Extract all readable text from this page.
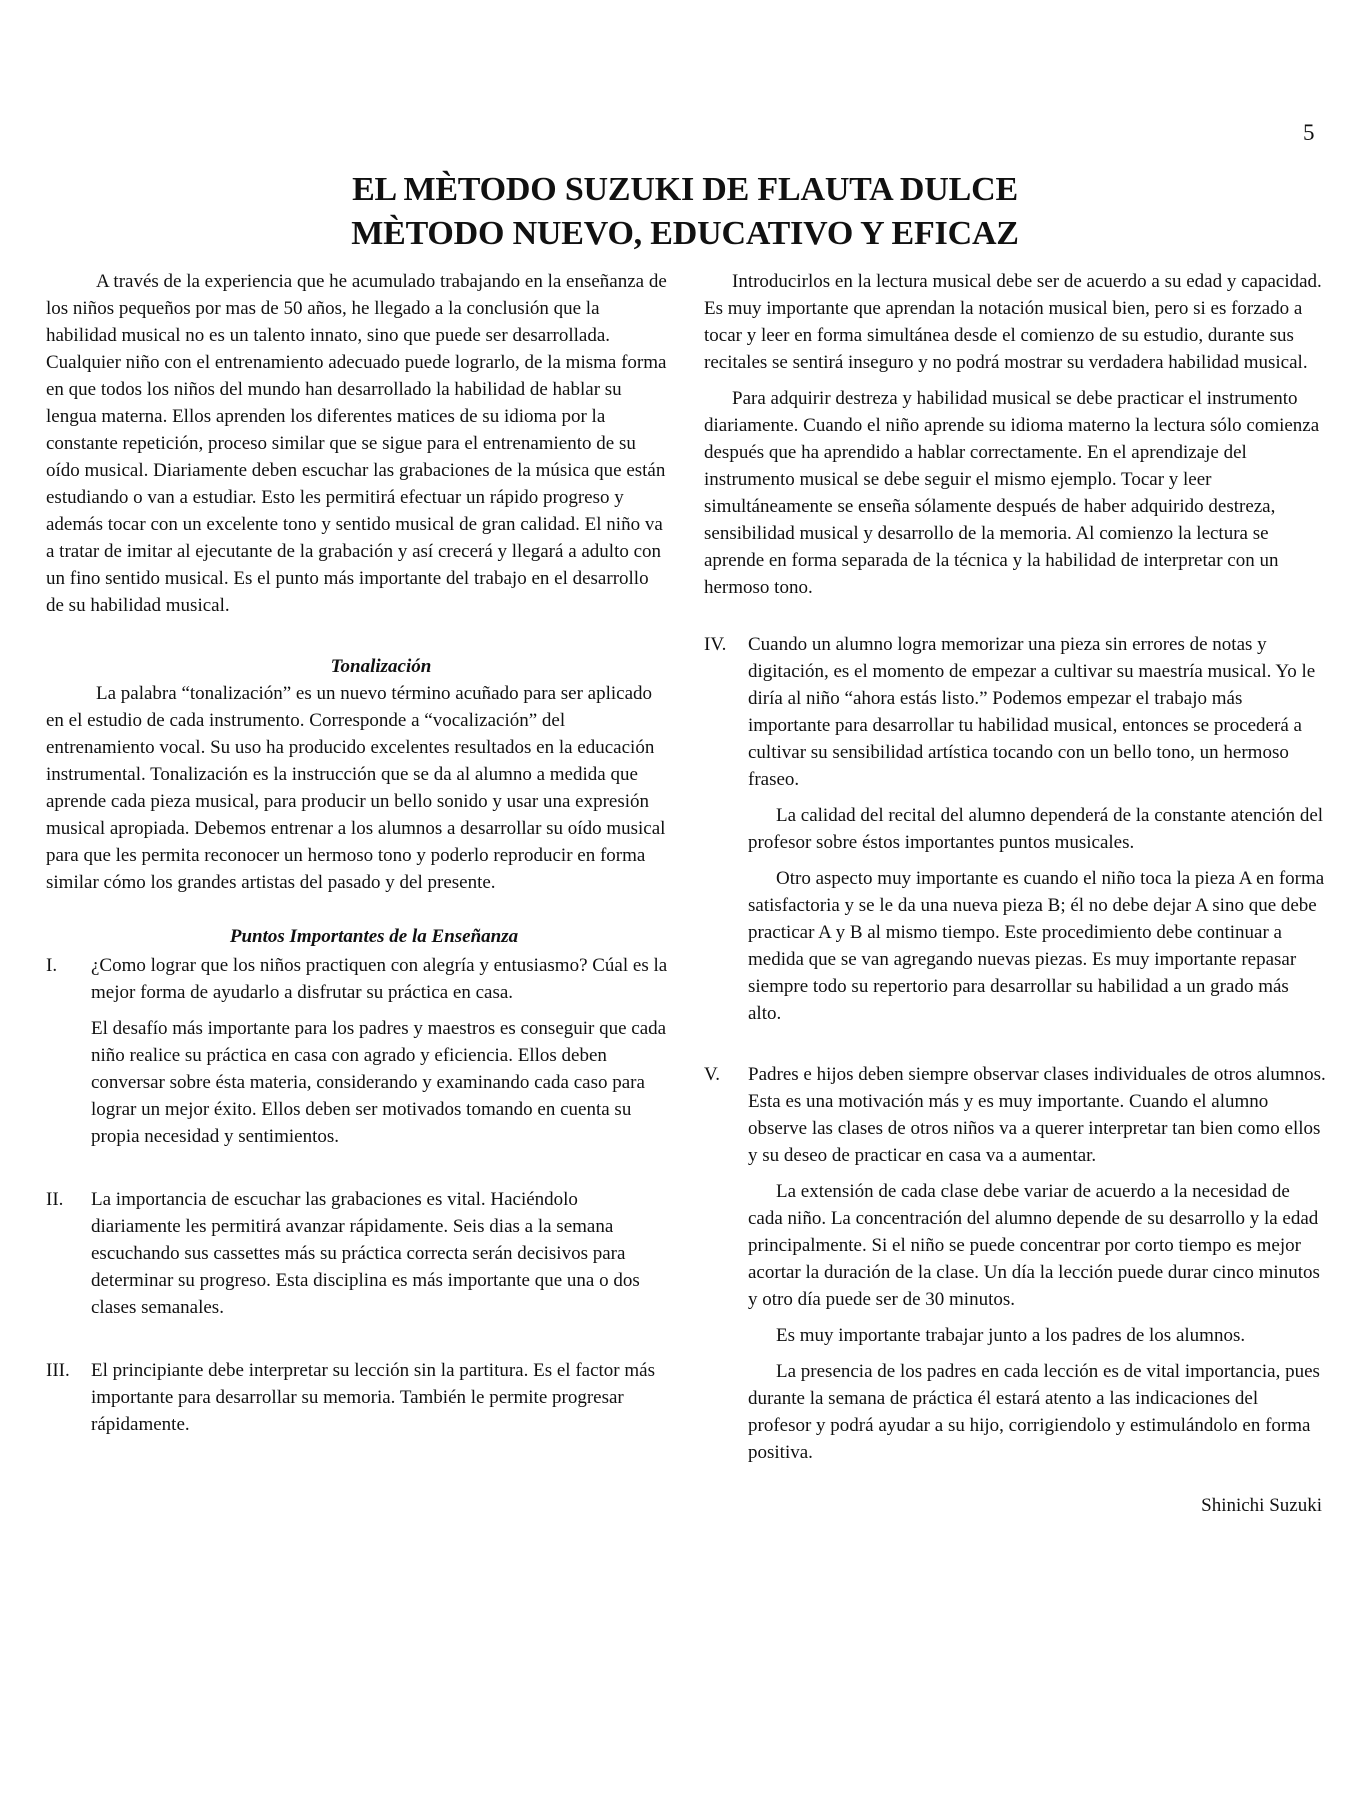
5
EL MÈTODO SUZUKI DE FLAUTA DULCE
MÈTODO NUEVO, EDUCATIVO Y EFICAZ

A través de la experiencia que he acumulado trabajando en la enseñanza de los niños pequeños por mas de 50 años, he llegado a la conclusión que la habilidad musical no es un talento innato, sino que puede ser desarrollada. Cualquier niño con el entrenamiento adecuado puede lograrlo, de la misma forma en que todos los niños del mundo han desarrollado la habilidad de hablar su lengua materna. Ellos aprenden los diferentes matices de su idioma por la constante repetición, proceso similar que se sigue para el entrenamiento de su oído musical. Diariamente deben escuchar las grabaciones de la música que están estudiando o van a estudiar. Esto les permitirá efectuar un rápido progreso y además tocar con un excelente tono y sentido musical de gran calidad. El niño va a tratar de imitar al ejecutante de la grabación y así crecerá y llegará a adulto con un fino sentido musical. Es el punto más importante del trabajo en el desarrollo de su habilidad musical.

Tonalización

La palabra “tonalización” es un nuevo término acuñado para ser aplicado en el estudio de cada instrumento. Corresponde a “vocalización” del entrenamiento vocal. Su uso ha producido excelentes resultados en la educación instrumental. Tonalización es la instrucción que se da al alumno a medida que aprende cada pieza musical, para producir un bello sonido y usar una expresión musical apropiada. Debemos entrenar a los alumnos a desarrollar su oído musical para que les permita reconocer un hermoso tono y poderlo reproducir en forma similar cómo los grandes artistas del pasado y del presente.

Puntos Importantes de la Enseñanza

I. ¿Como lograr que los niños practiquen con alegría y entusiasmo? Cúal es la mejor forma de ayudarlo a disfrutar su práctica en casa.

El desafío más importante para los padres y maestros es conseguir que cada niño realice su práctica en casa con agrado y eficiencia. Ellos deben conversar sobre ésta materia, considerando y examinando cada caso para lograr un mejor éxito. Ellos deben ser motivados tomando en cuenta su propia necesidad y sentimientos.

II. La importancia de escuchar las grabaciones es vital. Haciéndolo diariamente les permitirá avanzar rápidamente. Seis dias a la semana escuchando sus cassettes más su práctica correcta serán decisivos para determinar su progreso. Esta disciplina es más importante que una o dos clases semanales.

III. El principiante debe interpretar su lección sin la partitura. Es el factor más importante para desarrollar su memoria. También le permite progresar rápidamente.

Introducirlos en la lectura musical debe ser de acuerdo a su edad y capacidad. Es muy importante que aprendan la notación musical bien, pero si es forzado a tocar y leer en forma simultánea desde el comienzo de su estudio, durante sus recitales se sentirá inseguro y no podrá mostrar su verdadera habilidad musical.

Para adquirir destreza y habilidad musical se debe practicar el instrumento diariamente. Cuando el niño aprende su idioma materno la lectura sólo comienza después que ha aprendido a hablar correctamente. En el aprendizaje del instrumento musical se debe seguir el mismo ejemplo. Tocar y leer simultáneamente se enseña sólamente después de haber adquirido destreza, sensibilidad musical y desarrollo de la memoria. Al comienzo la lectura se aprende en forma separada de la técnica y la habilidad de interpretar con un hermoso tono.

IV. Cuando un alumno logra memorizar una pieza sin errores de notas y digitación, es el momento de empezar a cultivar su maestría musical. Yo le diría al niño “ahora estás listo.” Podemos empezar el trabajo más importante para desarrollar tu habilidad musical, entonces se procederá a cultivar su sensibilidad artística tocando con un bello tono, un hermoso fraseo.

La calidad del recital del alumno dependerá de la constante atención del profesor sobre éstos importantes puntos musicales.

Otro aspecto muy importante es cuando el niño toca la pieza A en forma satisfactoria y se le da una nueva pieza B; él no debe dejar A sino que debe practicar A y B al mismo tiempo. Este procedimiento debe continuar a medida que se van agregando nuevas piezas. Es muy importante repasar siempre todo su repertorio para desarrollar su habilidad a un grado más alto.

V. Padres e hijos deben siempre observar clases individuales de otros alumnos. Esta es una motivación más y es muy importante. Cuando el alumno observe las clases de otros niños va a querer interpretar tan bien como ellos y su deseo de practicar en casa va a aumentar.

La extensión de cada clase debe variar de acuerdo a la necesidad de cada niño. La concentración del alumno depende de su desarrollo y la edad principalmente. Si el niño se puede concentrar por corto tiempo es mejor acortar la duración de la clase. Un día la lección puede durar cinco minutos y otro día puede ser de 30 minutos.

Es muy importante trabajar junto a los padres de los alumnos.

La presencia de los padres en cada lección es de vital importancia, pues durante la semana de práctica él estará atento a las indicaciones del profesor y podrá ayudar a su hijo, corrigiendolo y estimulándolo en forma positiva.

Shinichi Suzuki
